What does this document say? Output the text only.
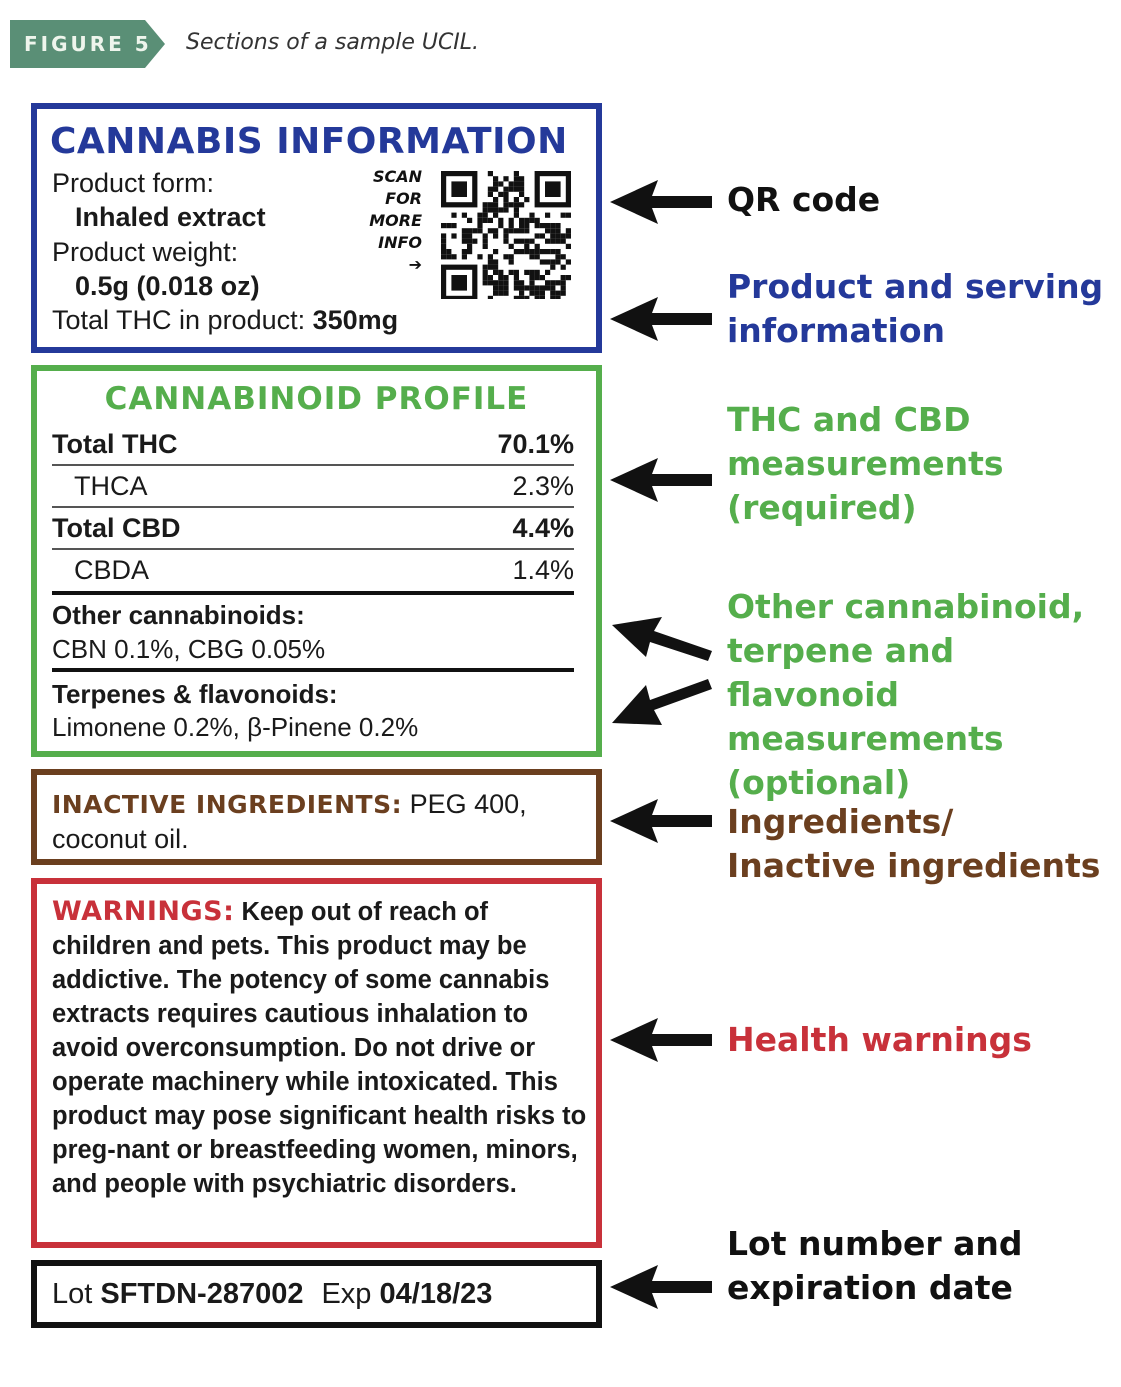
FIGURE 5 Sections of a sample UCIL.
CANNABIS INFORMATION
Product form:
Inhaled extract
Product weight:
0.5g (0.018 oz)
Total THC in product: 350mg
SCAN
FOR
MORE
INFO
➔
CANNABINOID PROFILE
Total THC	70.1%
THCA	2.3%
Total CBD	4.4%
CBDA	1.4%
Other cannabinoids:
CBN 0.1%, CBG 0.05%
Terpenes & flavonoids:
Limonene 0.2%, β-Pinene 0.2%
INACTIVE INGREDIENTS: PEG 400, coconut oil.
WARNINGS: Keep out of reach of children and pets. This product may be addictive. The potency of some cannabis extracts requires cautious inhalation to avoid overconsumption. Do not drive or operate machinery while intoxicated. This product may pose significant health risks to preg-nant or breastfeeding women, minors, and people with psychiatric disorders.
Lot SFTDN-287002 Exp 04/18/23
QR code
Product and serving
information
THC and CBD
measurements
(required)
Other cannabinoid,
terpene and flavonoid
measurements
(optional)
Ingredients/
Inactive ingredients
Health warnings
Lot number and
expiration date
